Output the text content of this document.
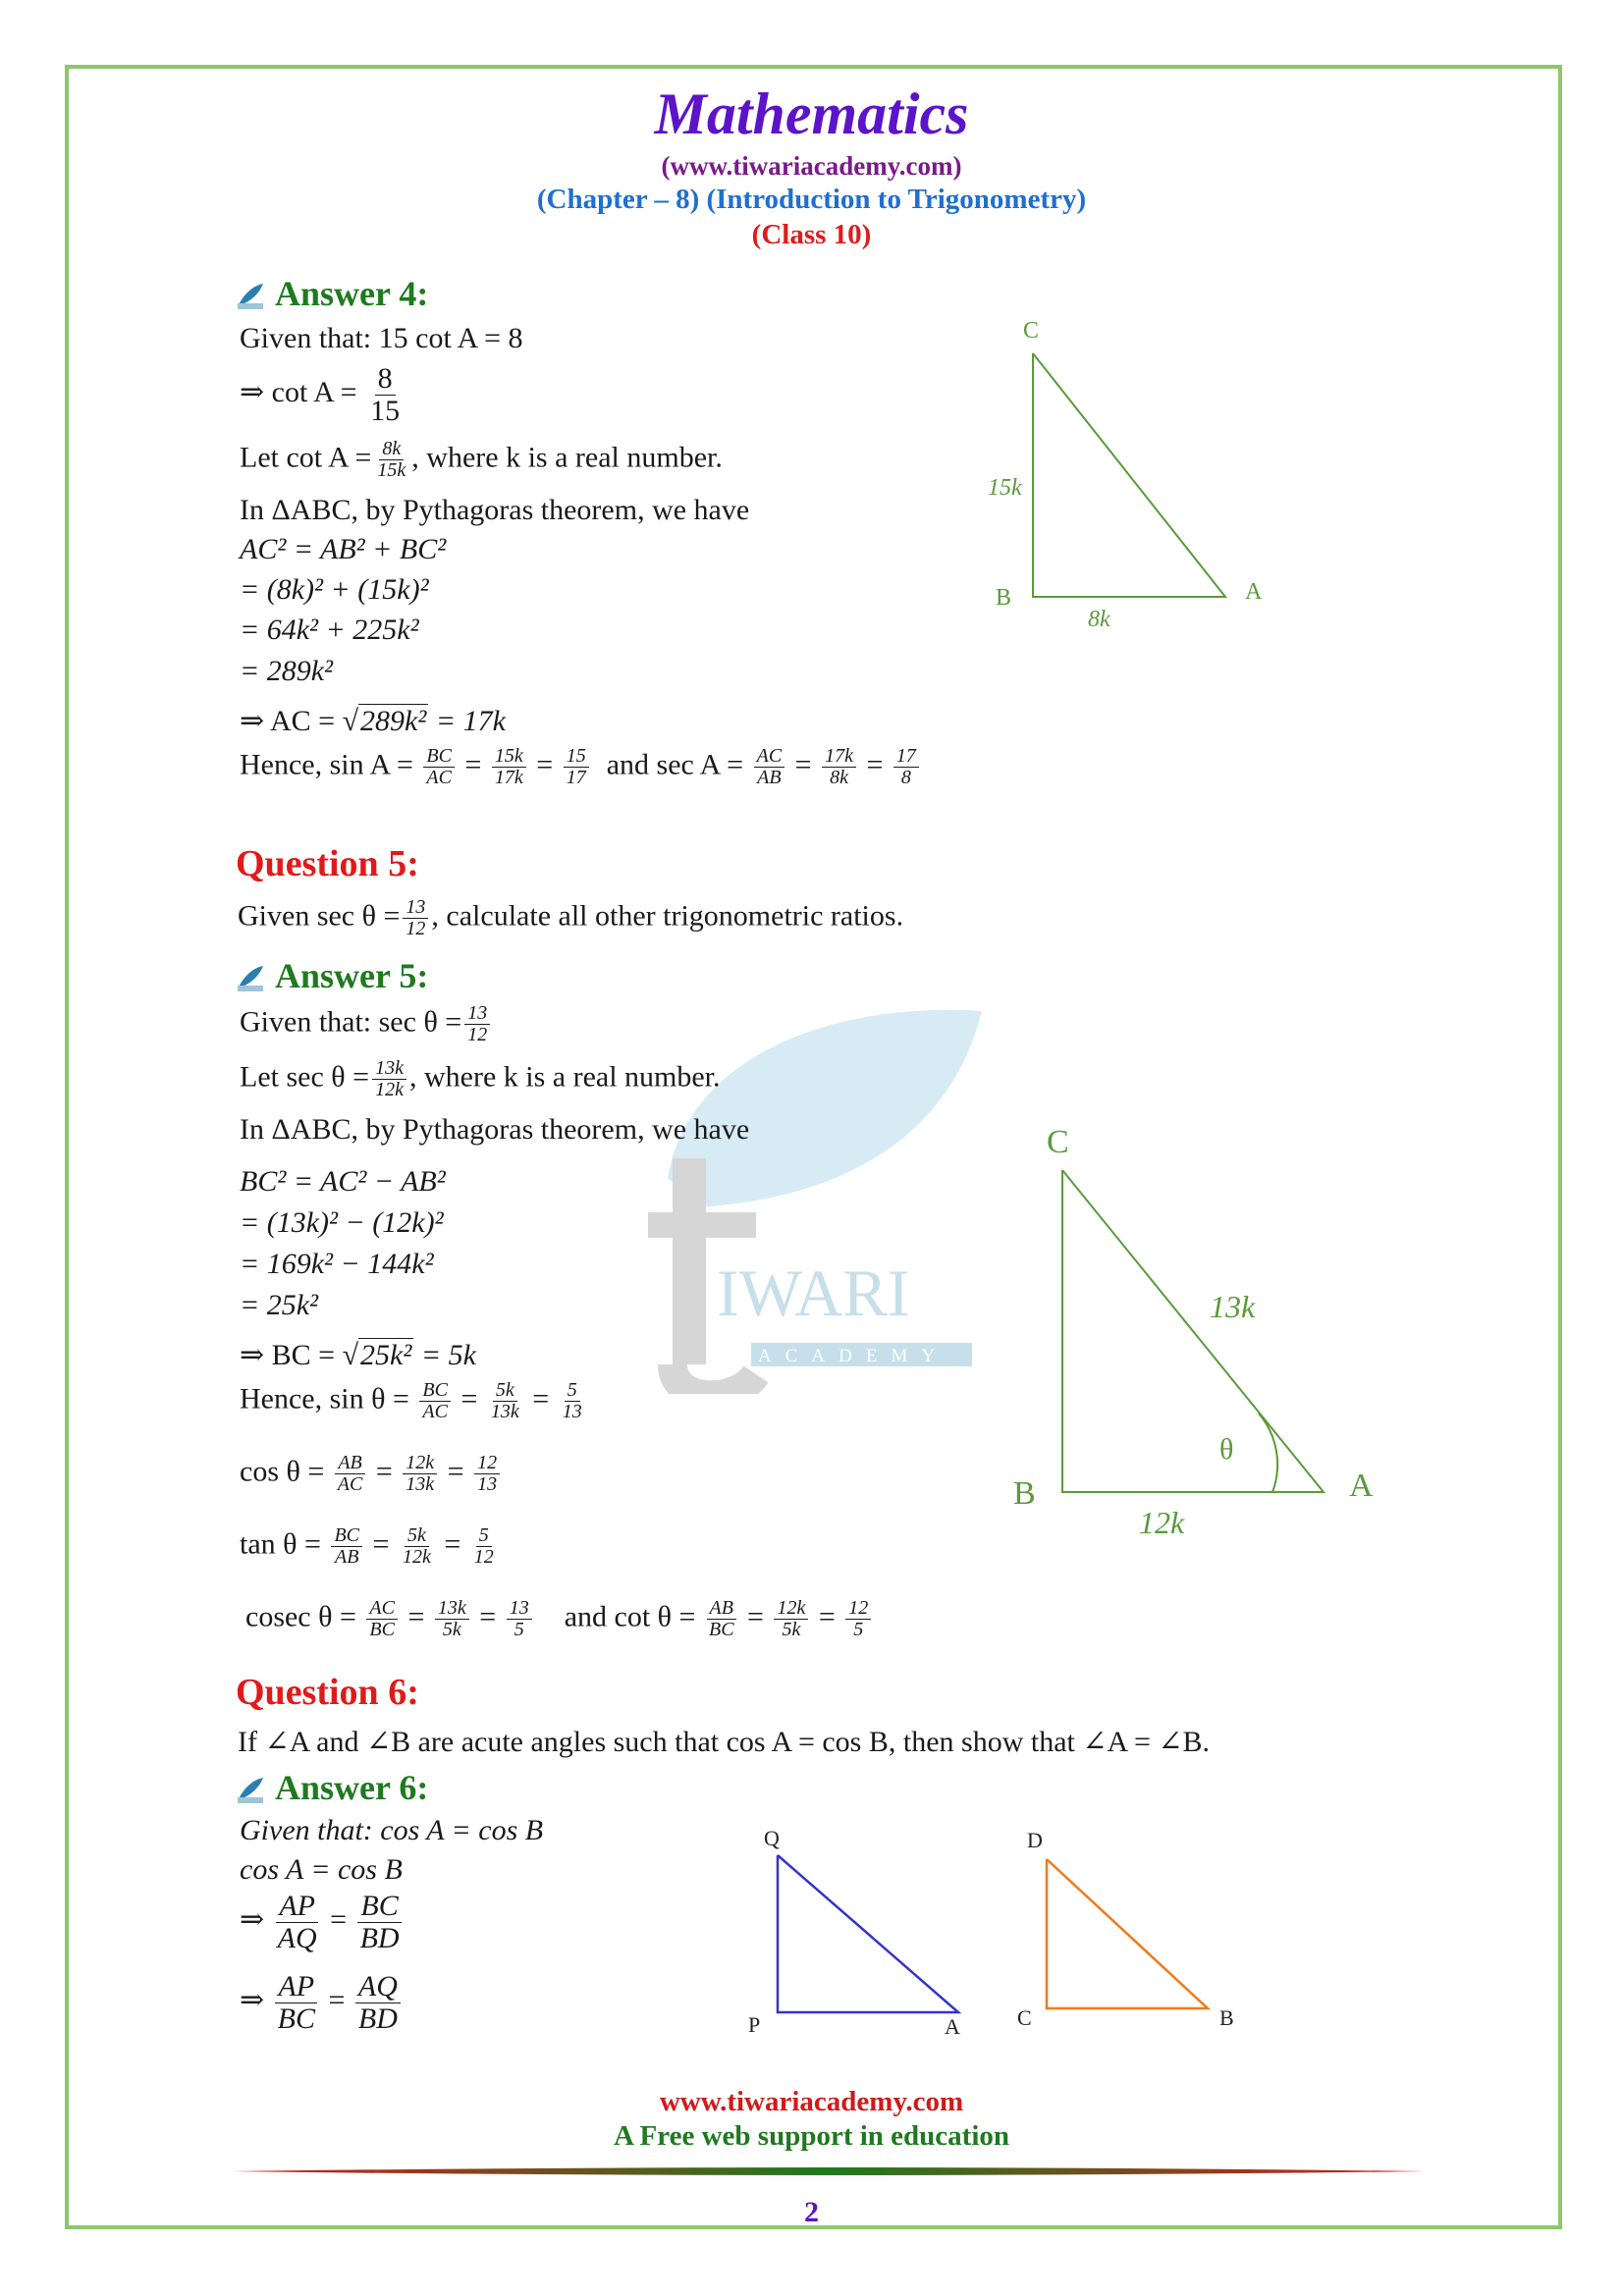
IWARI
ACADEMY
Mathematics
(www.tiwariacademy.com)
(Chapter – 8) (Introduction to Trigonometry)
(Class 10)
Answer 4:
Given that: 15 cot A = 8
⇒ $\cot A = \frac{8}{15}$
Let $\cot A = \frac{8k}{15k}$ , where k is a real number.
In ΔABC, by Pythagoras theorem, we have
AC² = AB² + BC²
= (8k)² + (15k)²
= 64k² + 225k²
= 289k²
⇒ AC = √289k² = 17k
Hence, $\sin A = \frac{BC}{AC} = \frac{15k}{17k} = \frac{15}{17}$ and $\sec A = \frac{AC}{AB} = \frac{17k}{8k} = \frac{17}{8}$
C
B	A
15k
8k
Question 5:
Given $\sec \theta = \frac{13}{12}$ , calculate all other trigonometric ratios.
Answer 5:
Given that: $\sec \theta = \frac{13}{12}$
Let $\sec \theta = \frac{13k}{12k}$ , where k is a real number.
In ΔABC, by Pythagoras theorem, we have
BC² = AC² − AB²
= (13k)² − (12k)²
= 169k² − 144k²
= 25k²
⇒ BC = √25k² = 5k
Hence, $\sin \theta = \frac{BC}{AC} = \frac{5k}{13k} = \frac{5}{13}$
$\cos \theta = \frac{AB}{AC} = \frac{12k}{13k} = \frac{12}{13}$
$\tan \theta = \frac{BC}{AB} = \frac{5k}{12k} = \frac{5}{12}$
cosec $\theta = \frac{AC}{BC} = \frac{13k}{5k} = \frac{13}{5}$ and $\cot \theta = \frac{AB}{BC} = \frac{12k}{5k} = \frac{12}{5}$
C
B	A
13k
12k
θ
Question 6:
If ∠A and ∠B are acute angles such that cos A = cos B, then show that ∠A = ∠B.
Answer 6:
Given that: cos A = cos B
cos A = cos B
⇒ $\frac{AP}{AQ} = \frac{BC}{BD}$
⇒ $\frac{AP}{BC} = \frac{AQ}{BD}$
Q
P	A
D
C	B
www.tiwariacademy.com
A Free web support in education
2
